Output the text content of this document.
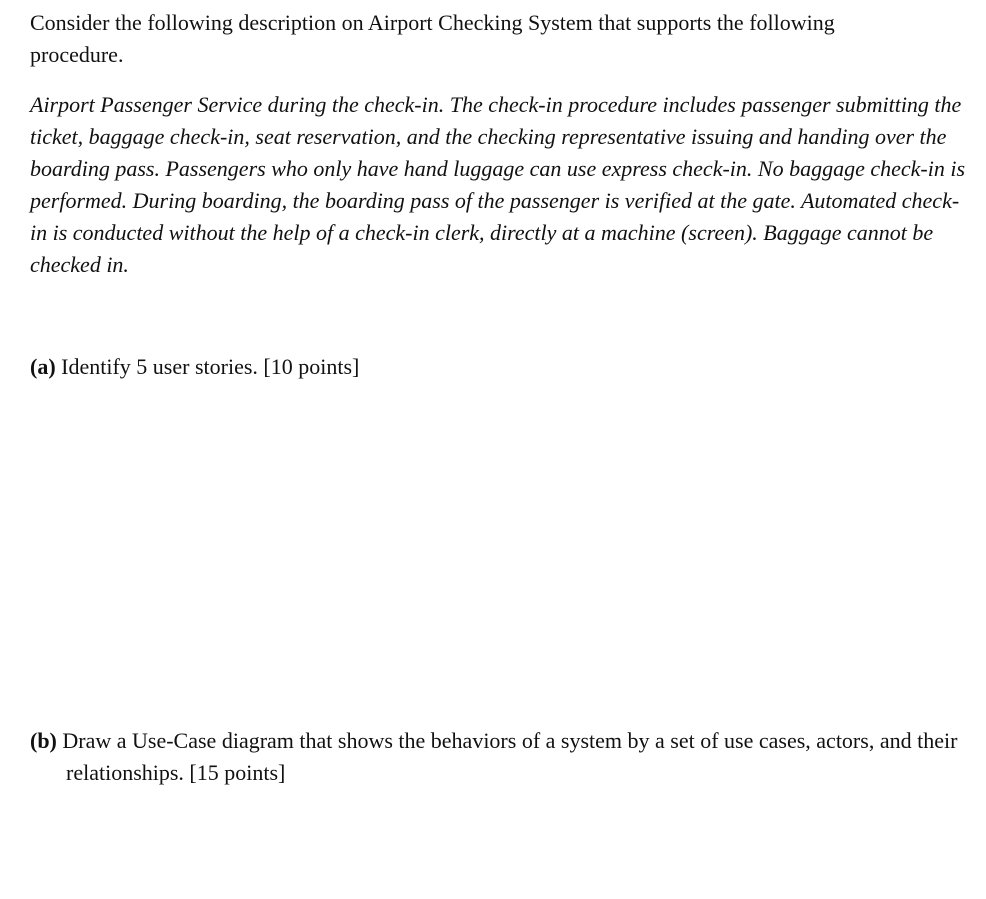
Consider the following description on Airport Checking System that supports the following procedure.

Airport Passenger Service during the check-in. The check-in procedure includes passenger submitting the ticket, baggage check-in, seat reservation, and the checking representative issuing and handing over the boarding pass. Passengers who only have hand luggage can use express check-in. No baggage check-in is performed. During boarding, the boarding pass of the passenger is verified at the gate. Automated check-in is conducted without the help of a check-in clerk, directly at a machine (screen). Baggage cannot be checked in.

(a) Identify 5 user stories. [10 points]

(b) Draw a Use-Case diagram that shows the behaviors of a system by a set of use cases, actors, and their relationships. [15 points]
